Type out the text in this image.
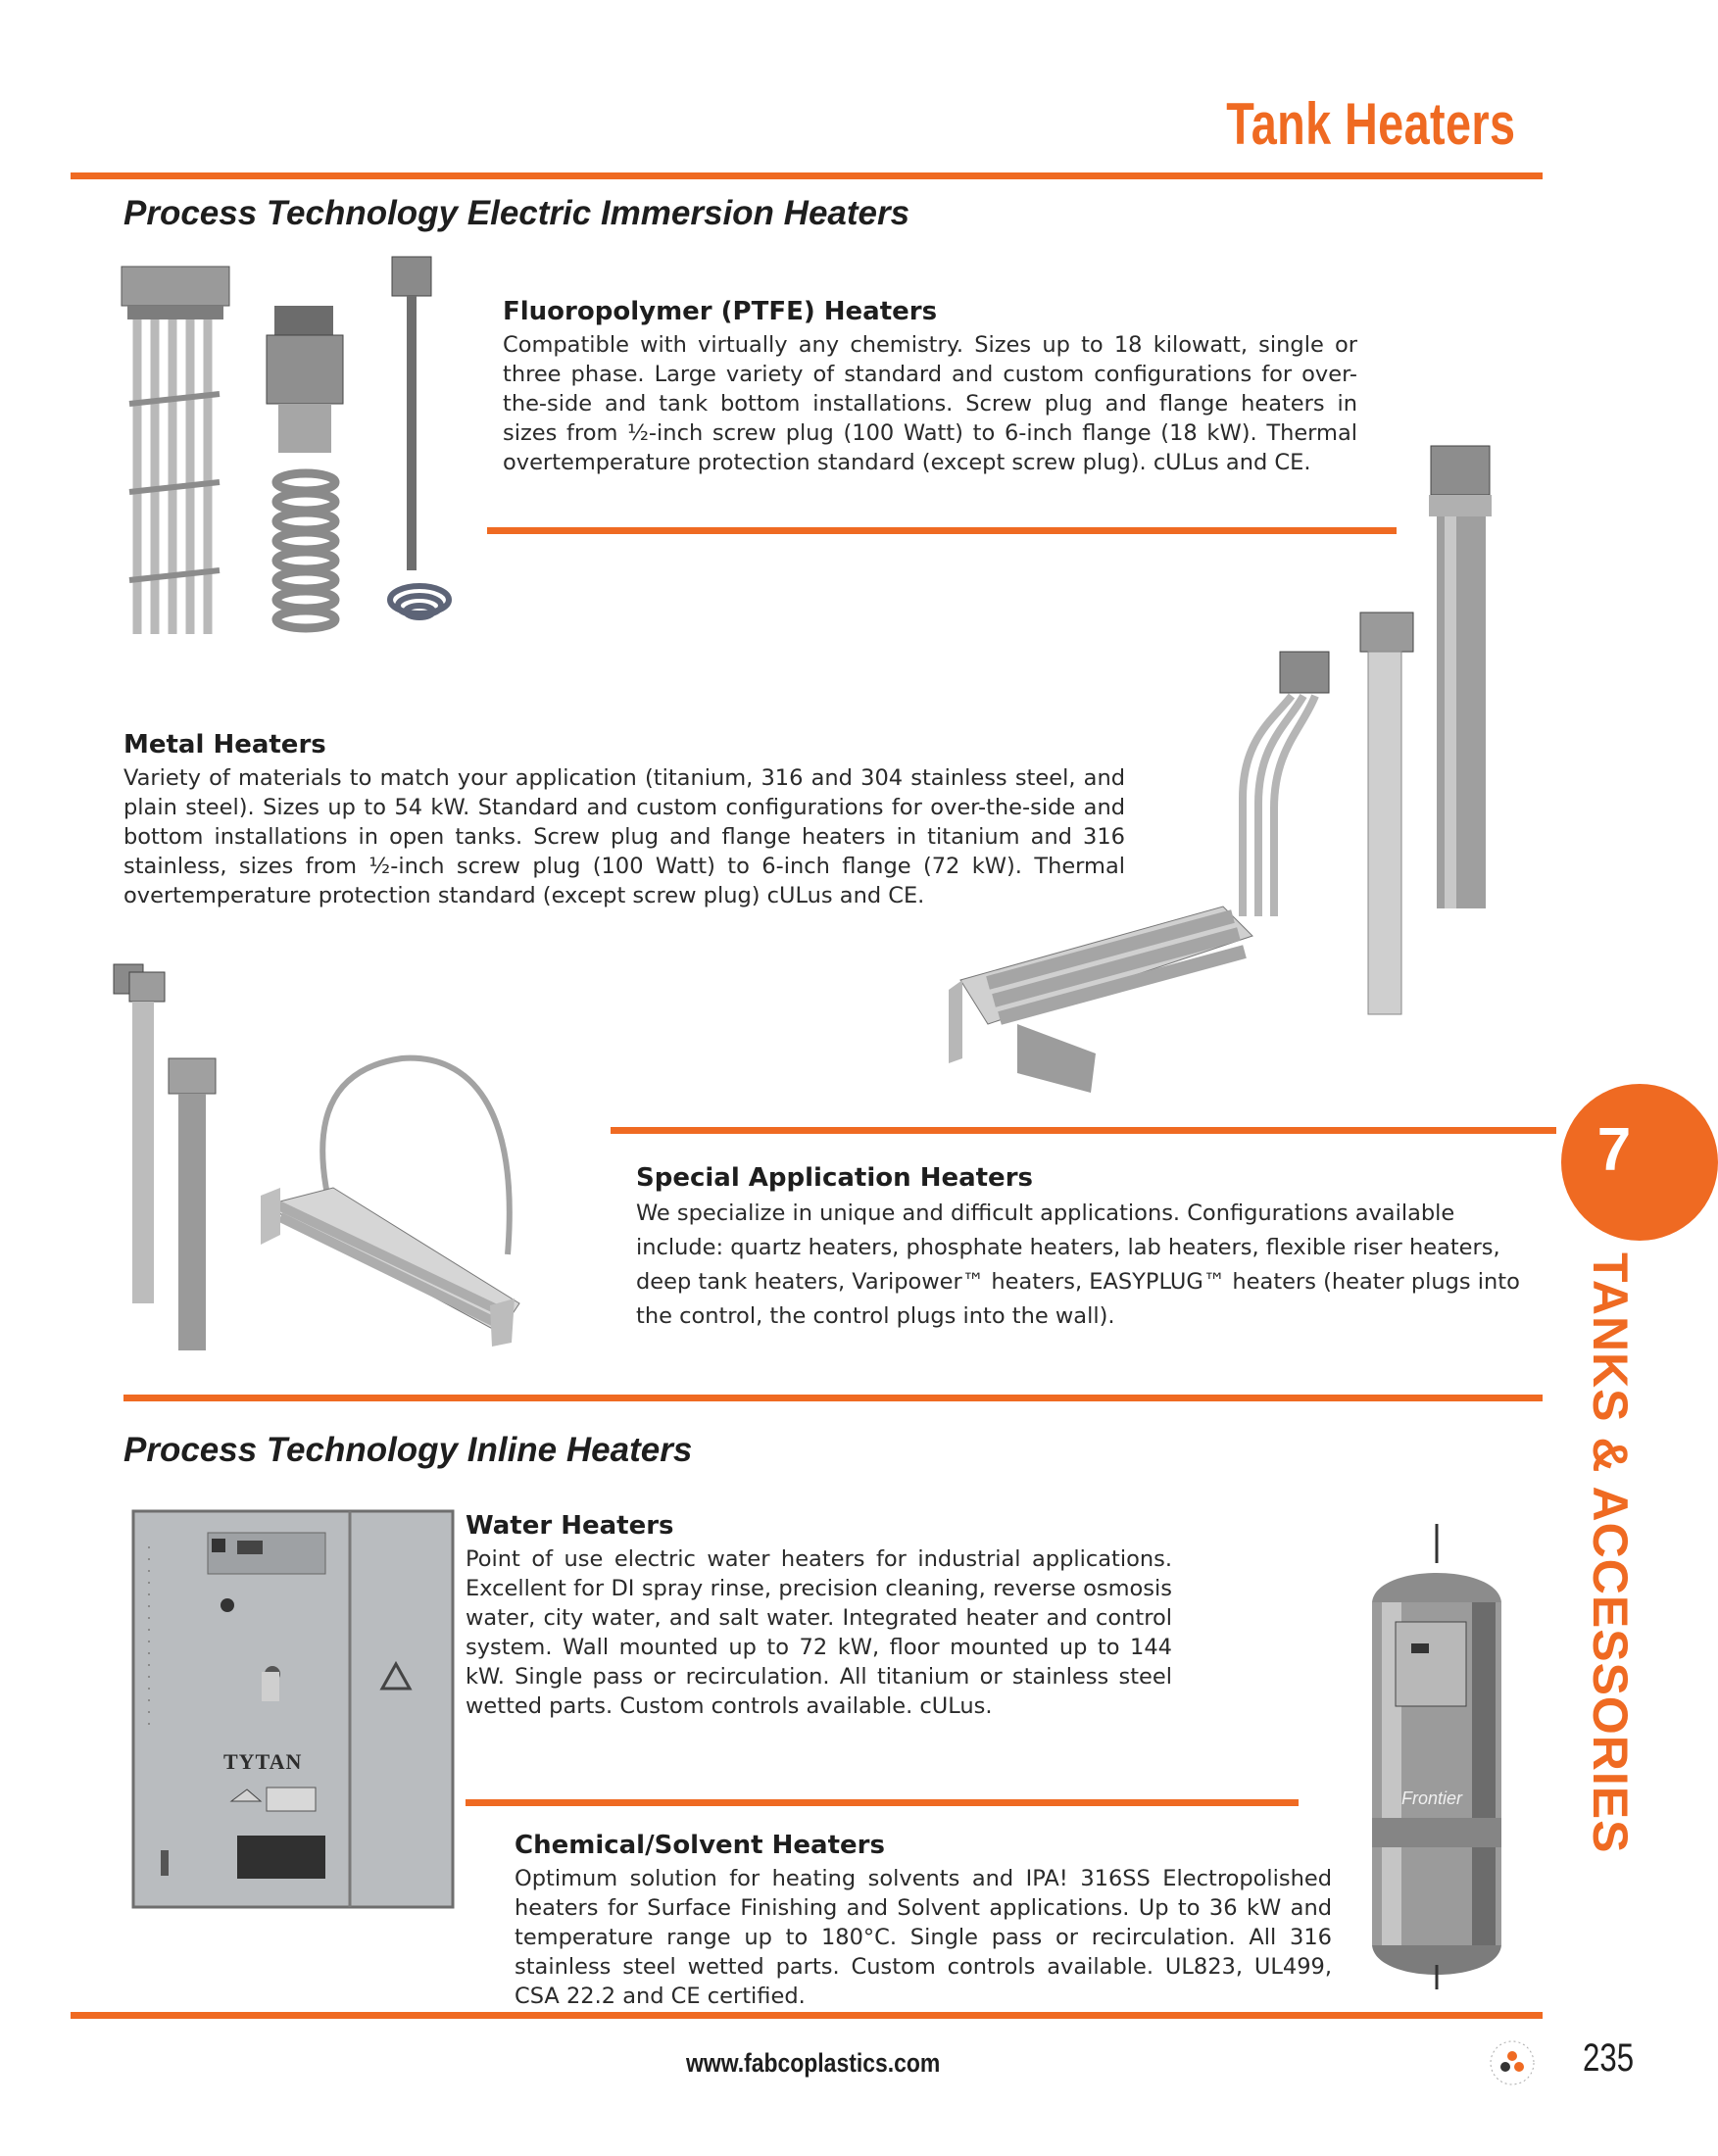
Tank Heaters
Process Technology Electric Immersion Heaters
Fluoropolymer (PTFE) Heaters

Compatible with virtually any chemistry. Sizes up to 18 kilowatt, single or three phase. Large variety of standard and custom configurations for over-the-side and tank bottom installations. Screw plug and flange heaters in sizes from ½-inch screw plug (100 Watt) to 6-inch flange (18 kW). Thermal overtemperature protection standard (except screw plug). cULus and CE.

Metal Heaters

Variety of materials to match your application (titanium, 316 and 304 stainless steel, and plain steel). Sizes up to 54 kW. Standard and custom configurations for over-the-side and bottom installations in open tanks. Screw plug and flange heaters in titanium and 316 stainless, sizes from ½-inch screw plug (100 Watt) to 6-inch flange (72 kW). Thermal overtemperature protection standard (except screw plug) cULus and CE.

Special Application Heaters

We specialize in unique and difficult applications. Configurations available include: quartz heaters, phosphate heaters, lab heaters, flexible riser heaters, deep tank heaters, Varipower™ heaters, EASYPLUG™ heaters (heater plugs into the control, the control plugs into the wall).

Process Technology Inline Heaters
TYTAN
Water Heaters

Point of use electric water heaters for industrial applications. Excellent for DI spray rinse, precision cleaning, reverse osmosis water, city water, and salt water. Integrated heater and control system. Wall mounted up to 72 kW, floor mounted up to 144 kW. Single pass or recirculation. All titanium or stainless steel wetted parts. Custom controls available. cULus.

Chemical/Solvent Heaters

Optimum solution for heating solvents and IPA! 316SS Electropolished heaters for Surface Finishing and Solvent applications. Up to 36 kW and temperature range up to 180°C. Single pass or recirculation. All 316 stainless steel wetted parts. Custom controls available. UL823, UL499, CSA 22.2 and CE certified.

Frontier
7
TANKS & ACCESSORIES
www.fabcoplastics.com	235
